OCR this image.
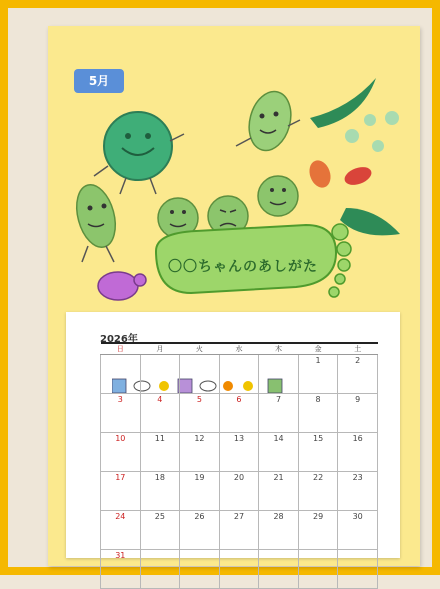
5月
〇〇ちゃんのあしがた
2026年
日	月	火	水	木	金	土
					1	2
3	4	5	6	7	8	9
10	11	12	13	14	15	16
17	18	19	20	21	22	23
24	25	26	27	28	29	30
31						
